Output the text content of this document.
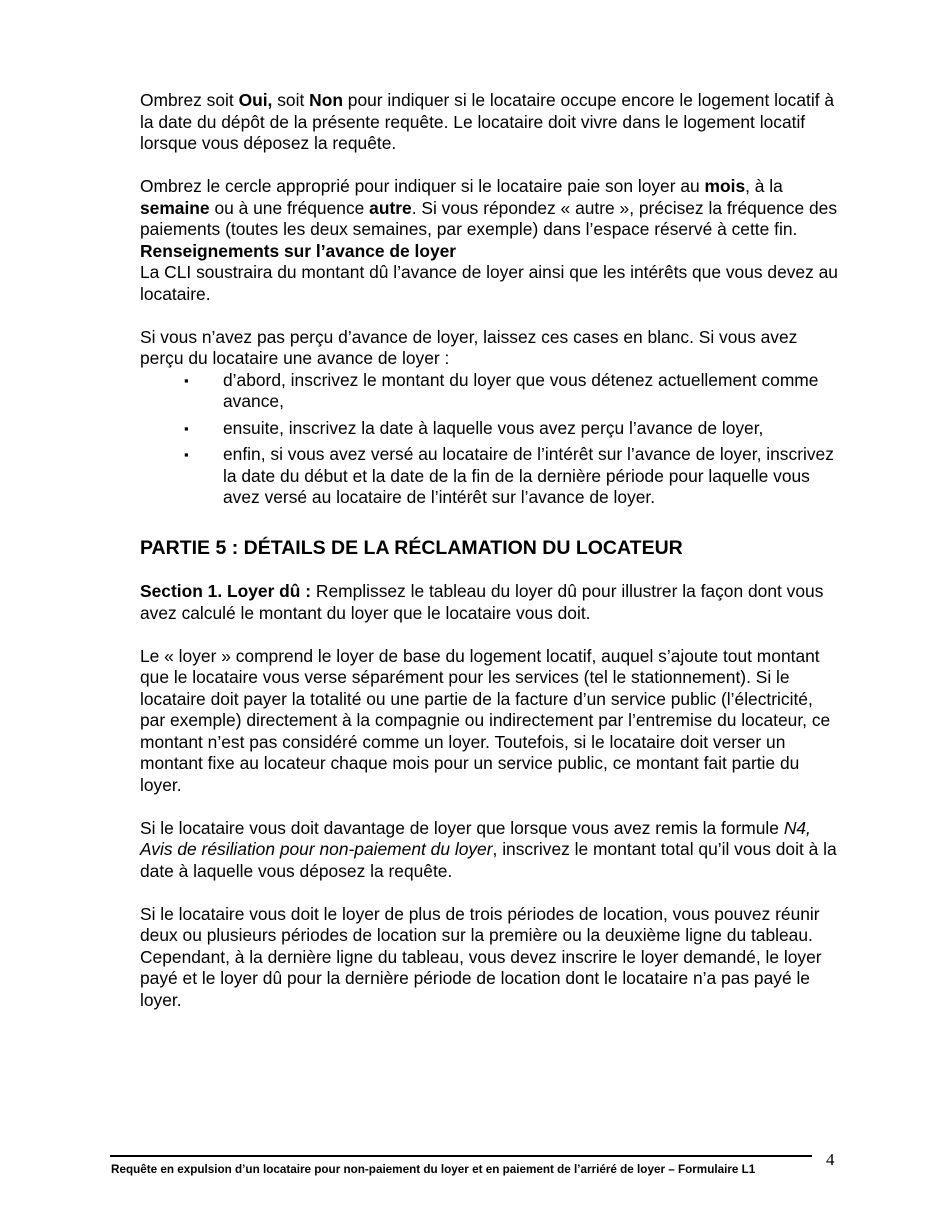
Ombrez soit Oui, soit Non pour indiquer si le locataire occupe encore le logement locatif à la date du dépôt de la présente requête. Le locataire doit vivre dans le logement locatif lorsque vous déposez la requête.

Ombrez le cercle approprié pour indiquer si le locataire paie son loyer au mois, à la semaine ou à une fréquence autre. Si vous répondez « autre », précisez la fréquence des paiements (toutes les deux semaines, par exemple) dans l’espace réservé à cette fin.

Renseignements sur l’avance de loyer

La CLI soustraira du montant dû l’avance de loyer ainsi que les intérêts que vous devez au locataire.

Si vous n’avez pas perçu d’avance de loyer, laissez ces cases en blanc. Si vous avez perçu du locataire une avance de loyer :

▪ d’abord, inscrivez le montant du loyer que vous détenez actuellement comme avance,
▪ ensuite, inscrivez la date à laquelle vous avez perçu l’avance de loyer,
▪ enfin, si vous avez versé au locataire de l’intérêt sur l’avance de loyer, inscrivez la date du début et la date de la fin de la dernière période pour laquelle vous avez versé au locataire de l’intérêt sur l’avance de loyer.
PARTIE 5 : DÉTAILS DE LA RÉCLAMATION DU LOCATEUR

Section 1. Loyer dû : Remplissez le tableau du loyer dû pour illustrer la façon dont vous avez calculé le montant du loyer que le locataire vous doit.

Le « loyer » comprend le loyer de base du logement locatif, auquel s’ajoute tout montant que le locataire vous verse séparément pour les services (tel le stationnement). Si le locataire doit payer la totalité ou une partie de la facture d’un service public (l’électricité, par exemple) directement à la compagnie ou indirectement par l’entremise du locateur, ce montant n’est pas considéré comme un loyer. Toutefois, si le locataire doit verser un montant fixe au locateur chaque mois pour un service public, ce montant fait partie du loyer.

Si le locataire vous doit davantage de loyer que lorsque vous avez remis la formule N4, Avis de résiliation pour non-paiement du loyer, inscrivez le montant total qu’il vous doit à la date à laquelle vous déposez la requête.

Si le locataire vous doit le loyer de plus de trois périodes de location, vous pouvez réunir deux ou plusieurs périodes de location sur la première ou la deuxième ligne du tableau. Cependant, à la dernière ligne du tableau, vous devez inscrire le loyer demandé, le loyer payé et le loyer dû pour la dernière période de location dont le locataire n’a pas payé le loyer.

Requête en expulsion d’un locataire pour non-paiement du loyer et en paiement de l’arriéré de loyer – Formulaire L1
4
